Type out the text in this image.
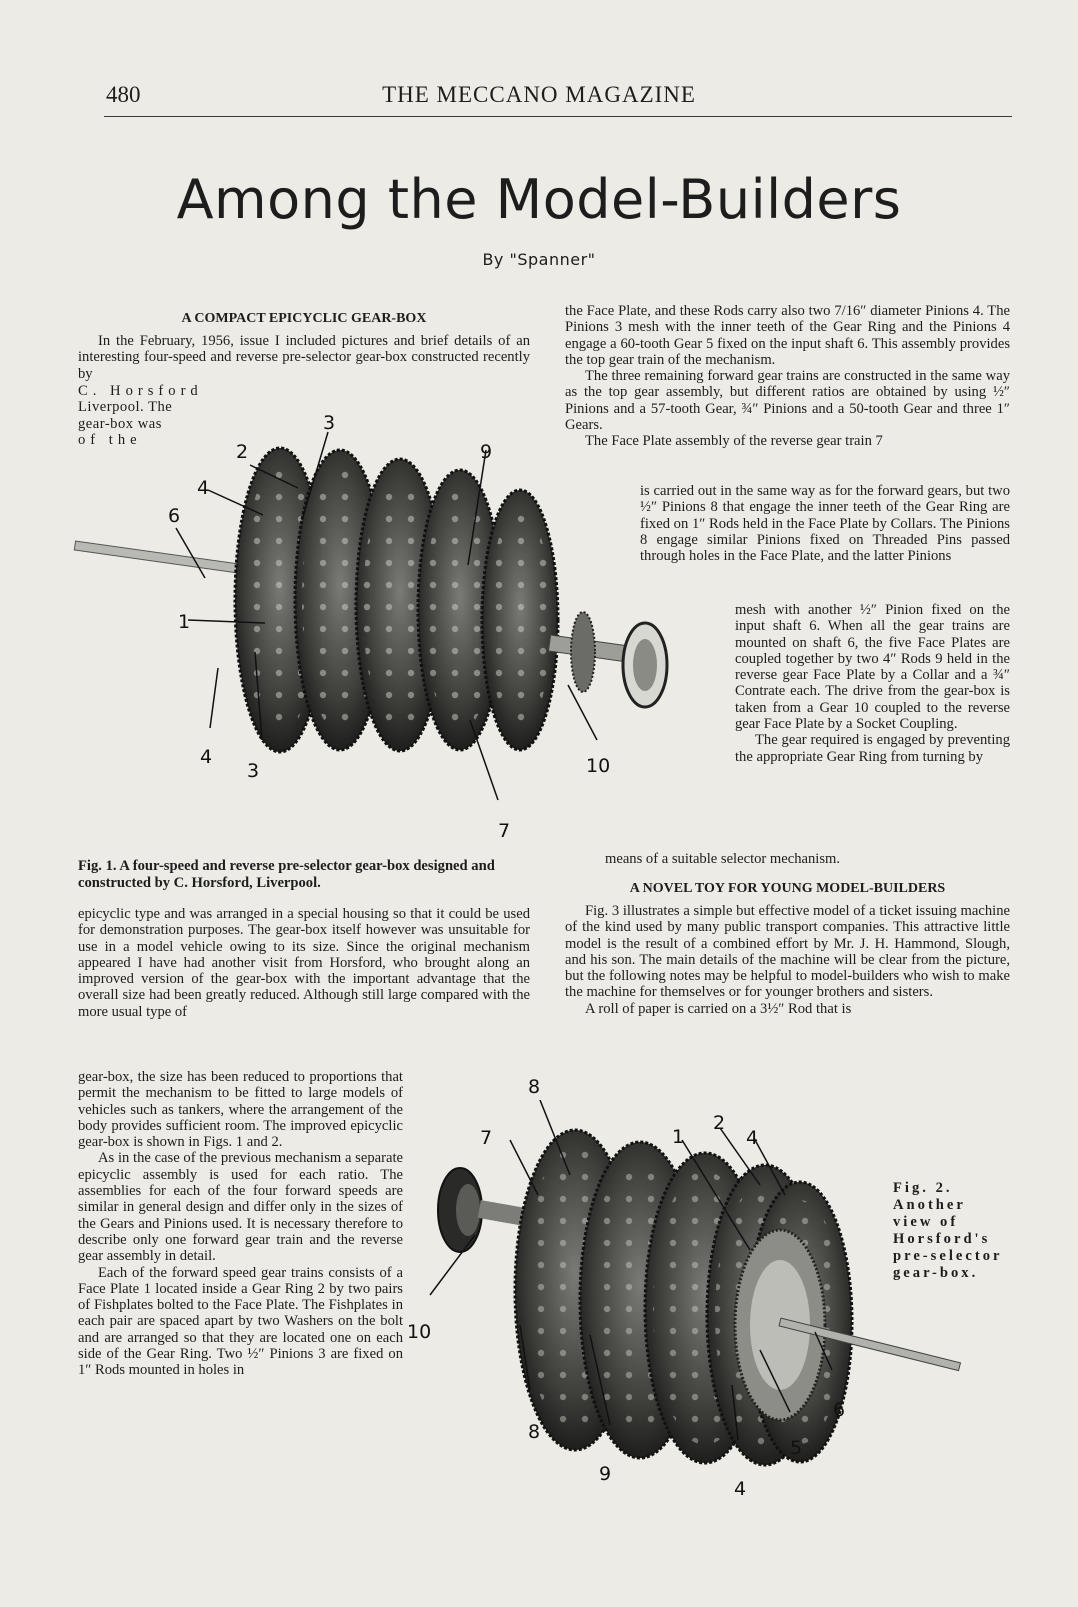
480	THE MECCANO MAGAZINE
Among the Model-Builders
By "Spanner"
A COMPACT EPICYCLIC GEAR-BOX

In the February, 1956, issue I included pictures and brief details of an interesting four-speed and reverse pre-selector gear-box constructed recently by

C. Horsford
Liverpool. The
gear-box was
of the
3
2
4
6
1
4
3
9
10
7
Fig. 1. A four-speed and reverse pre-selector gear-box designed and constructed by C. Horsford, Liverpool.

epicyclic type and was arranged in a special housing so that it could be used for demonstration purposes. The gear-box itself however was unsuitable for use in a model vehicle owing to its size. Since the original mechanism appeared I have had another visit from Horsford, who brought along an improved version of the gear-box with the important advantage that the overall size had been greatly reduced. Although still large compared with the more usual type of

gear-box, the size has been reduced to proportions that permit the mechanism to be fitted to large models of vehicles such as tankers, where the arrangement of the body provides sufficient room. The improved epicyclic gear-box is shown in Figs. 1 and 2.

As in the case of the previous mechanism a separate epicyclic assembly is used for each ratio. The assemblies for each of the four forward speeds are similar in general design and differ only in the sizes of the Gears and Pinions used. It is necessary therefore to describe only one forward gear train and the reverse gear assembly in detail.

Each of the forward speed gear trains consists of a Face Plate 1 located inside a Gear Ring 2 by two pairs of Fishplates bolted to the Face Plate. The Fishplates in each pair are spaced apart by two Washers on the bolt and are arranged so that they are located one on each side of the Gear Ring. Two ½″ Pinions 3 are fixed on 1″ Rods mounted in holes in

the Face Plate, and these Rods carry also two 7/16″ diameter Pinions 4. The Pinions 3 mesh with the inner teeth of the Gear Ring and the Pinions 4 engage a 60-tooth Gear 5 fixed on the input shaft 6. This assembly provides the top gear train of the mechanism.

The three remaining forward gear trains are constructed in the same way as the top gear assembly, but different ratios are obtained by using ½″ Pinions and a 57-tooth Gear, ¾″ Pinions and a 50-tooth Gear and three 1″ Gears.

The Face Plate assembly of the reverse gear train 7

is carried out in the same way as for the forward gears, but two ½″ Pinions 8 that engage the inner teeth of the Gear Ring are fixed on 1″ Rods held in the Face Plate by Collars. The Pinions 8 engage similar Pinions fixed on Threaded Pins passed through holes in the Face Plate, and the latter Pinions

mesh with another ½″ Pinion fixed on the input shaft 6. When all the gear trains are mounted on shaft 6, the five Face Plates are coupled together by two 4″ Rods 9 held in the reverse gear Face Plate by a Collar and a ¾″ Contrate each. The drive from the gear-box is taken from a Gear 10 coupled to the reverse gear Face Plate by a Socket Coupling.

The gear required is engaged by preventing the appropriate Gear Ring from turning by

means of a suitable selector mechanism.

A NOVEL TOY FOR YOUNG MODEL-BUILDERS

Fig. 3 illustrates a simple but effective model of a ticket issuing machine of the kind used by many public transport companies. This attractive little model is the result of a combined effort by Mr. J. H. Hammond, Slough, and his son. The main details of the machine will be clear from the picture, but the following notes may be helpful to model-builders who wish to make the machine for themselves or for younger brothers and sisters.

A roll of paper is carried on a 3½″ Rod that is

8
7	1
2
4
10
8
9
4
5
6
Fig. 2. Another view of Horsford's pre-selector gear-box.
